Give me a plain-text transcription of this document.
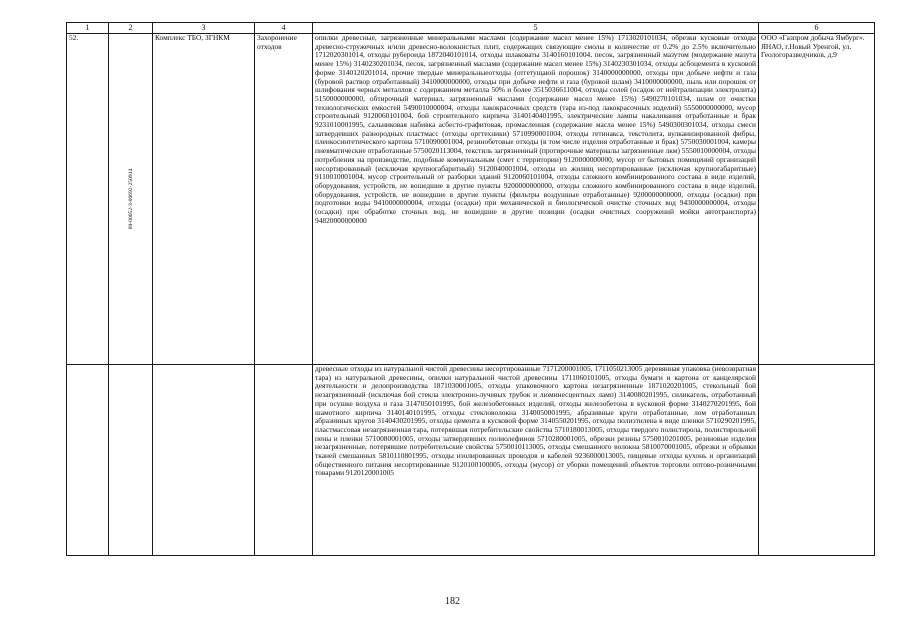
1	2	3	4	5	6
52.	89-00052-З-00692-250914	Комплекс ТБО, ЗГНКМ	Захоронение отходов	опилки древесные, загрязненные минеральными маслами (содержание масел менее 15%) 1713020101034, обрезки кусковые отходы древесно-стружечных и/или древесно-волокнистых плит, содержащих связующие смолы в количестве от 0.2% до 2.5% включительно 1712020301014, отходы рубероида 1872040101014, отходы шлаковаты 3140160101004, песок, загрязненный мазутом (модержание мазута менее 15%) 3140230201034, песок, загрязненный маслами (содержание масел менее 15%) 3140230301034, отходы асбоцемента в кусковой форме 3140120201014, прочие твердые минеральныеотходы (отгетущаюй порошок) 3140000000000, отходы при добыче нефти и газа (буровой раствор отработанный) 3410000000000, отходы при добыче нефти и газа (буровой шлам) 3410000000000, пыль или порошок от шлифования черных металлов с содержанием металла 50% и более 3515036611004, отходы солей (осадок от нейтрализации электролита) 5150000000000, обтирочный материал, загрязненный маслами (содержание масел менее 15%) 5490270101034, шлам от очистки технологических емкостей 5490010000004, отходы лакокрасочных средств (тара из-под лакокрасочных изделий) 5550000000000, мусор строительный 9120060101004, бой строительного кирпича 3140140401995, электрические лампы накаливания отработанные и брак 9231010001995, сальниковая набивка асбесто-графитовая, промасленная (содержание масла менее 15%) 5490300301034, отходы смеси затвердевших разнородных пластмасс (отходы оргтехники) 5710990001004, отходы гетинакса, текстолита, вулканизированной фибры, пленкосинтетического картона 5710090001004, резинобетовые отходы (в том числе изделия отработанные и брак) 5750030001004, камеры пневматические отработанные 5750020113004, текстиль загрязненный (протирочные материалы загрязненные лкм) 5550010000004, отходы потребления на производстве, подобные коммунальным (смет с территории) 9120000000000, мусор от бытовых помещений организаций несортированный (исключая крупногабаритный) 9120040001004, отходы из жилищ несортированные (исключая крупногабаритные) 9110010001004, мусор строительный от разборки зданий 9120060101004, отходы сложного комбинированного состава в виде изделий, оборудования, устройств, не вошедшие в другие пункты 9200000000000, отходы сложного комбинированного состава в виде изделий, оборудования, устройств, не вошедшие в другие пункты (фильтры воздушные отработанные) 9200000000000, отходы (осадки) при подготовки воды 9410000000004, отходы (осадки) при механической и биологической очистке сточных вод 9430000000004, отходы (осадки) при обработке сточных вод, не вошедшие в другие позиции (осадки очистных сооружений мойки автотранспорта) 94820000000000	ООО «Газпром добыча Ямбург». ЯНАО, г.Новый Уренгой, ул. Геологоразведчиков, д.9
				древесные отходы из натуральной чистой древесины несортированные 7171200001005, 1711050213005 деревянная упаковка (невозвратная тара) из натуральной древесины, опилки натуральной чистой древесины 1711060101005, отходы бумаги и картона от канцелярской деятельности и делопроизводства 1871030001005, отходы упаковочного картона незагрязненные 1871020201005, стекольный бой незагрязненный (исключая бой стекла электронно-лучевых трубок и люминесцентных ламп) 3140080201995, силикагель, отработанный при осушке воздуха и газа 3147050101995, бой железобетонных изделий, отходы железобетона в кусковой форме 3140270201995, бой шамотного кирпича 3140140101995, отходы стекловолокна 3140050001995, абразивные круги отработанные, лом отработанных абразивных кругов 3140430201995, отходы цемента в кусковой форме 3140550201995, отходы полиэтилена в виде пленки 5710290201995, пластмассовая незагрязненная тара, потерявшая потребительские свойства 5710180013005, отходы твердого полистирола, полистирольной пены и пленки 5710080001005, отходы затвердевших полиолефинов 5710280001005, обрезки резины 5750010201005, резиновые изделия незагрязненные, потерявшие потребительские свойства 5750010113005, отходы смешанного волокна 5810070001005, обрезки и обрывки тканей смешанных 5810110801995, отходы изолированных проводов и кабелей 9236000013005, пищевые отходы кухонь и организаций общественного питания несортированные 9120100100005, отходы (мусор) от уборки помещений объектов торговли оптово-розничными товарами 9120120001005	
182
